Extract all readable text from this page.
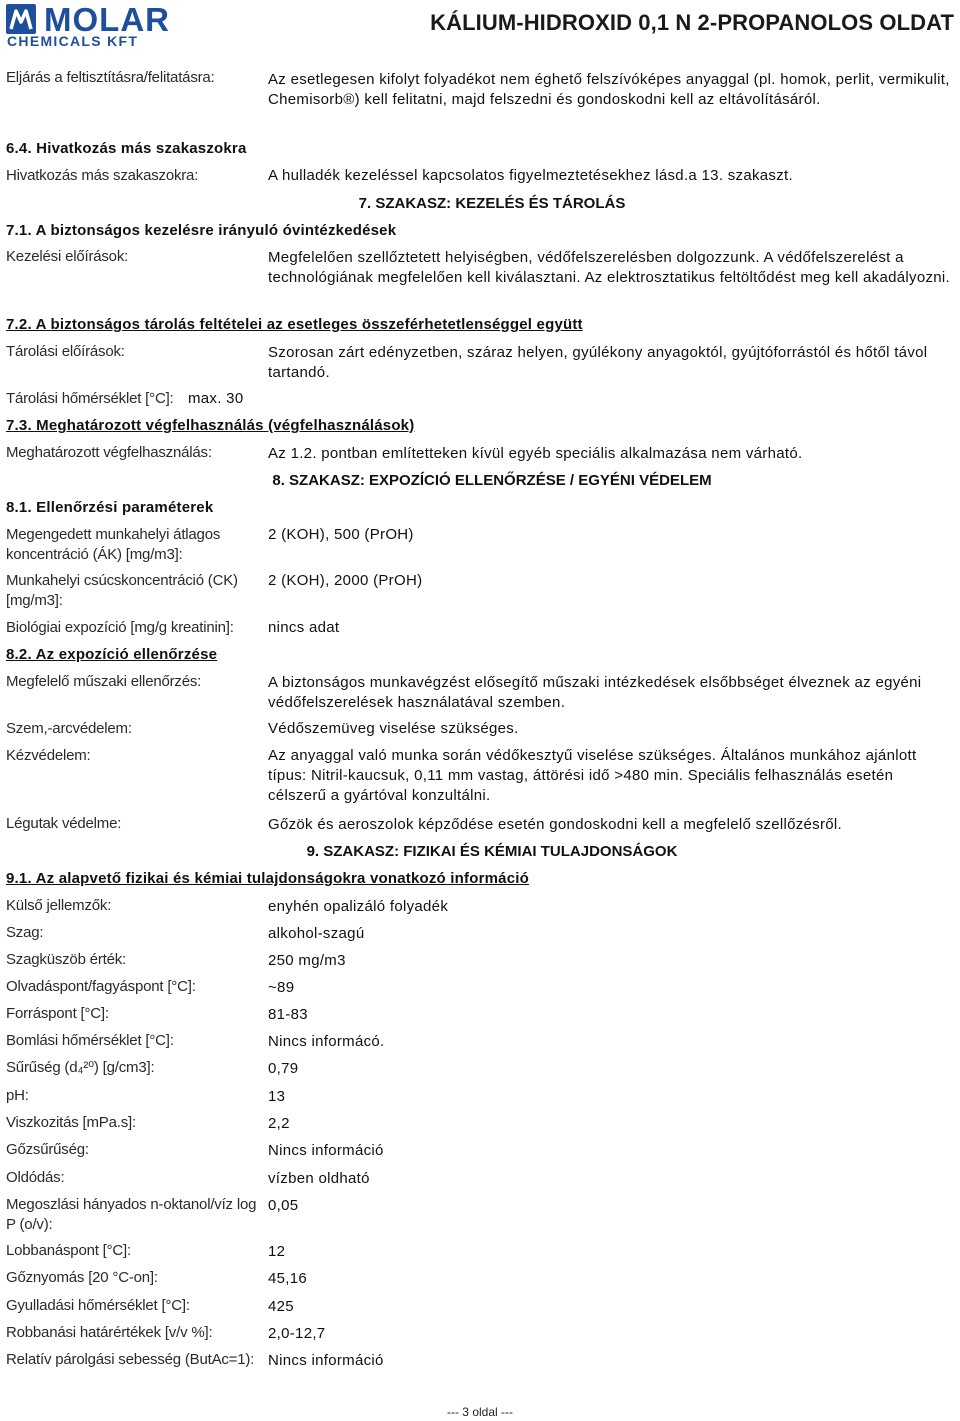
MOLAR
CHEMICALS KFT
KÁLIUM-HIDROXID 0,1 N 2-PROPANOLOS OLDAT
Eljárás a feltisztításra/felitatásra:	Az esetlegesen kifolyt folyadékot nem éghető felszívóképes anyaggal (pl. homok, perlit, vermikulit, Chemisorb®) kell felitatni, majd felszedni és gondoskodni kell az eltávolításáról.
6.4. Hivatkozás más szakaszokra
Hivatkozás más szakaszokra:	A hulladék kezeléssel kapcsolatos figyelmeztetésekhez lásd.a 13. szakaszt.
7. SZAKASZ: KEZELÉS ÉS TÁROLÁS
7.1. A biztonságos kezelésre irányuló óvintézkedések
Kezelési előírások:	Megfelelően szellőztetett helyiségben, védőfelszerelésben dolgozzunk. A védőfelszerelést a technológiának megfelelően kell kiválasztani. Az elektrosztatikus feltöltődést meg kell akadályozni.
7.2. A biztonságos tárolás feltételei az esetleges összeférhetetlenséggel együtt
Tárolási előírások:	Szorosan zárt edényzetben, száraz helyen, gyúlékony anyagoktól, gyújtóforrástól és hőtől távol tartandó.
Tárolási hőmérséklet [°C]: max. 30
7.3. Meghatározott végfelhasználás (végfelhasználások)
Meghatározott végfelhasználás:	Az 1.2. pontban említetteken kívül egyéb speciális alkalmazása nem várható.
8. SZAKASZ: EXPOZÍCIÓ ELLENŐRZÉSE / EGYÉNI VÉDELEM
8.1. Ellenőrzési paraméterek
Megengedett munkahelyi átlagos koncentráció (ÁK) [mg/m3]:
2 (KOH), 500 (PrOH)
Munkahelyi csúcskoncentráció (CK) [mg/m3]:
2 (KOH), 2000 (PrOH)
Biológiai expozíció [mg/g kreatinin]: nincs adat
8.2. Az expozíció ellenőrzése
Megfelelő műszaki ellenőrzés:	A biztonságos munkavégzést elősegítő műszaki intézkedések elsőbbséget élveznek az egyéni védőfelszerelések használatával szemben.
Szem,-arcvédelem:	Védőszemüveg viselése szükséges.
Kézvédelem:	Az anyaggal való munka során védőkesztyű viselése szükséges. Általános munkához ajánlott típus: Nitril-kaucsuk, 0,11 mm vastag, áttörési idő >480 min. Speciális felhasználás esetén célszerű a gyártóval konzultálni.
Légutak védelme:	Gőzök és aeroszolok képződése esetén gondoskodni kell a megfelelő szellőzésről.
9. SZAKASZ: FIZIKAI ÉS KÉMIAI TULAJDONSÁGOK
9.1. Az alapvető fizikai és kémiai tulajdonságokra vonatkozó információ
Külső jellemzők:	enyhén opalizáló folyadék
Szag:	alkohol-szagú
Szagküszöb érték:	250 mg/m3
Olvadáspont/fagyáspont [°C]:	~89
Forráspont [°C]:	81-83
Bomlási hőmérséklet [°C]:	Nincs informácó.
Sűrűség (d₄²⁰) [g/cm3]:	0,79
pH:	13
Viszkozitás [mPa.s]:	2,2
Gőzsűrűség:	Nincs információ
Oldódás:	vízben oldható
Megoszlási hányados n-oktanol/víz log P (o/v):
0,05
Lobbanáspont [°C]:	12
Gőznyomás [20 °C-on]:	45,16
Gyulladási hőmérséklet [°C]:	425
Robbanási határértékek [v/v %]:	2,0-12,7
Relatív párolgási sebesség (ButAc=1): Nincs információ
--- 3 oldal ---
